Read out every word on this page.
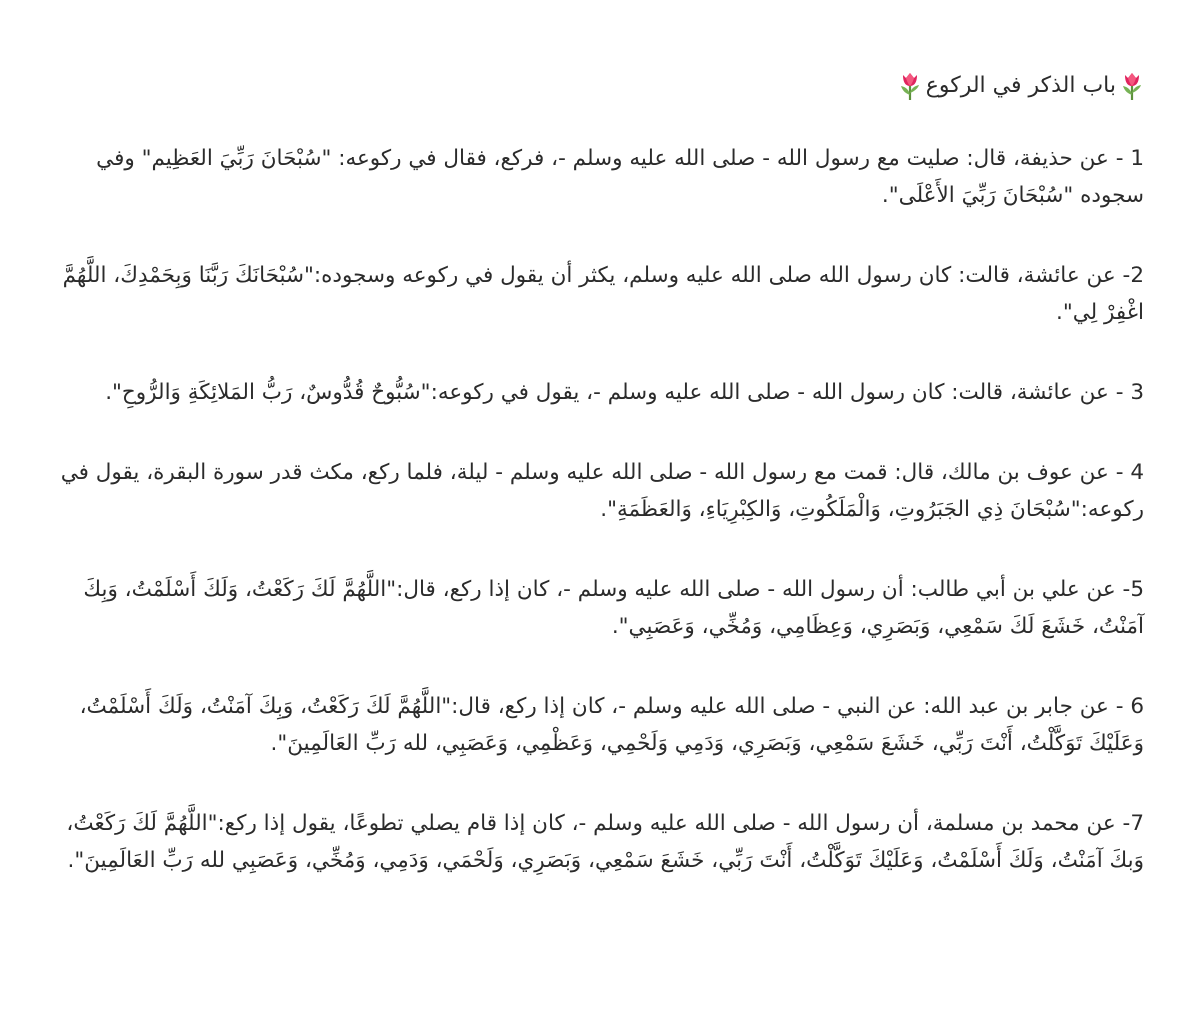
باب الذكر في الركوع

1 - عن حذيفة، قال: صليت مع رسول الله - صلى الله عليه وسلم -، فركع، فقال في ركوعه: "سُبْحَانَ رَبِّيَ العَظِيم" وفي سجوده "سُبْحَانَ رَبِّيَ الأَعْلَى".

2- عن عائشة، قالت: كان رسول الله صلى الله عليه وسلم، يكثر أن يقول في ركوعه وسجوده:"سُبْحَانَكَ رَبَّنَا وَبِحَمْدِكَ، اللَّهُمَّ اغْفِرْ لِي".

3 - عن عائشة، قالت: كان رسول الله - صلى الله عليه وسلم -، يقول في ركوعه:"سُبُّوحٌ قُدُّوسٌ، رَبُّ المَلائِكَةِ وَالرُّوحِ".

4 - عن عوف بن مالك، قال: قمت مع رسول الله - صلى الله عليه وسلم - ليلة، فلما ركع، مكث قدر سورة البقرة، يقول في ركوعه:"سُبْحَانَ ذِي الجَبَرُوتِ، وَالْمَلَكُوتِ، وَالكِبْرِيَاءِ، وَالعَظَمَةِ".

5- عن علي بن أبي طالب: أن رسول الله - صلى الله عليه وسلم -، كان إذا ركع، قال:"اللَّهُمَّ لَكَ رَكَعْتُ، وَلَكَ أَسْلَمْتُ، وَبِكَ آمَنْتُ، خَشَعَ لَكَ سَمْعِي، وَبَصَرِي، وَعِظَامِي، وَمُخِّي، وَعَصَبِي".

6 - عن جابر بن عبد الله: عن النبي - صلى الله عليه وسلم -، كان إذا ركع، قال:"اللَّهُمَّ لَكَ رَكَعْتُ، وَبِكَ آمَنْتُ، وَلَكَ أَسْلَمْتُ، وَعَلَيْكَ تَوَكَّلْتُ، أَنْتَ رَبِّي، خَشَعَ سَمْعِي، وَبَصَرِي، وَدَمِي وَلَحْمِي، وَعَظْمِي، وَعَصَبِي، لله رَبِّ العَالَمِينَ".

7- عن محمد بن مسلمة، أن رسول الله - صلى الله عليه وسلم -، كان إذا قام يصلي تطوعًا، يقول إذا ركع:"اللَّهُمَّ لَكَ رَكَعْتُ، وَبكَ آمَنْتُ، وَلَكَ أَسْلَمْتُ، وَعَلَيْكَ تَوَكَّلْتُ، أَنْتَ رَبِّي، خَشَعَ سَمْعِي، وَبَصَرِي، وَلَحْمَي، وَدَمِي، وَمُخِّي، وَعَصَبِي لله رَبِّ العَالَمِينَ".
